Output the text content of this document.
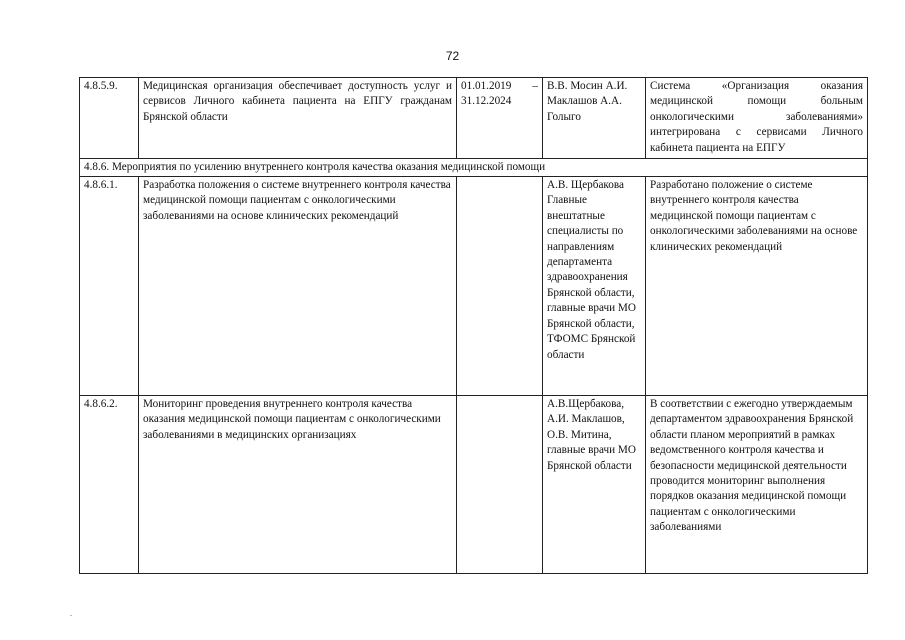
72
4.8.5.9.	Медицинская организация обеспечивает доступность услуг и сервисов Личного кабинета пациента на ЕПГУ гражданам Брянской области	01.01.2019 – 31.12.2024	В.В. Мосин А.И. Маклашов А.А. Голыго	Система «Организация оказания медицинской помощи больным онкологическими заболеваниями» интегрирована с сервисами Личного кабинета пациента на ЕПГУ
4.8.6. Мероприятия по усилению внутреннего контроля качества оказания медицинской помощи				
4.8.6.1.	Разработка положения о системе внутреннего контроля качества медицинской помощи пациентам с онкологическими заболеваниями на основе клинических рекомендаций		А.В. Щербакова Главные внештатные специалисты по направлениям департамента здравоохранения Брянской области, главные врачи МО Брянской области, ТФОМС Брянской области	Разработано положение о системе внутреннего контроля качества медицинской помощи пациентам с онкологическими заболеваниями на основе клинических рекомендаций
4.8.6.2.	Мониторинг проведения внутреннего контроля качества оказания медицинской помощи пациентам с онкологическими заболеваниями в медицинских организациях		А.В.Щербакова, А.И. Маклашов, О.В. Митина, главные врачи МО Брянской области	В соответствии с ежегодно утверждаемым департаментом здравоохранения Брянской области планом мероприятий в рамках ведомственного контроля качества и безопасности медицинской деятельности проводится мониторинг выполнения порядков оказания медицинской помощи пациентам с онкологическими заболеваниями
